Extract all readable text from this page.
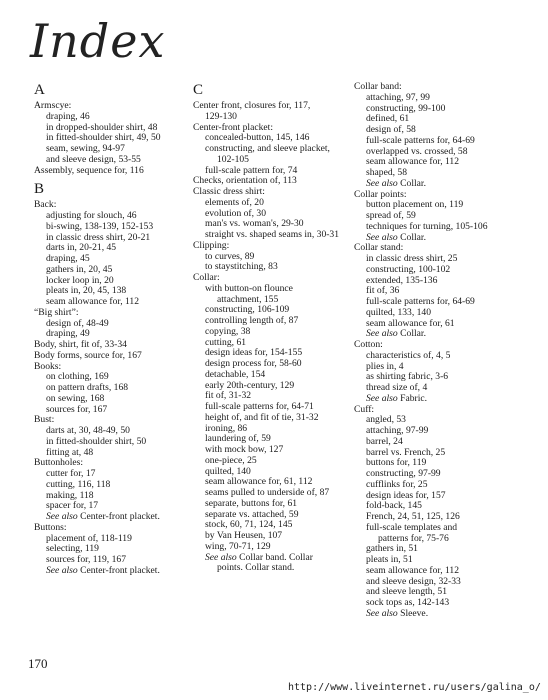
Index
A
Armscye:
draping, 46
in dropped-shoulder shirt, 48
in fitted-shoulder shirt, 49, 50
seam, sewing, 94-97
and sleeve design, 53-55
Assembly, sequence for, 116
B
Back:
adjusting for slouch, 46
bi-swing, 138-139, 152-153
in classic dress shirt, 20-21
darts in, 20-21, 45
draping, 45
gathers in, 20, 45
locker loop in, 20
pleats in, 20, 45, 138
seam allowance for, 112
“Big shirt”:
design of, 48-49
draping, 49
Body, shirt, fit of, 33-34
Body forms, source for, 167
Books:
on clothing, 169
on pattern drafts, 168
on sewing, 168
sources for, 167
Bust:
darts at, 30, 48-49, 50
in fitted-shoulder shirt, 50
fitting at, 48
Buttonholes:
cutter for, 17
cutting, 116, 118
making, 118
spacer for, 17
See also Center-front placket.
Buttons:
placement of, 118-119
selecting, 119
sources for, 119, 167
See also Center-front placket.
C
Center front, closures for, 117,
129-130
Center-front placket:
concealed-button, 145, 146
constructing, and sleeve placket,
102-105
full-scale pattern for, 74
Checks, orientation of, 113
Classic dress shirt:
elements of, 20
evolution of, 30
man's vs. woman's, 29-30
straight vs. shaped seams in, 30-31
Clipping:
to curves, 89
to staystitching, 83
Collar:
with button-on flounce
attachment, 155
constructing, 106-109
controlling length of, 87
copying, 38
cutting, 61
design ideas for, 154-155
design process for, 58-60
detachable, 154
early 20th-century, 129
fit of, 31-32
full-scale patterns for, 64-71
height of, and fit of tie, 31-32
ironing, 86
laundering of, 59
with mock bow, 127
one-piece, 25
quilted, 140
seam allowance for, 61, 112
seams pulled to underside of, 87
separate, buttons for, 61
separate vs. attached, 59
stock, 60, 71, 124, 145
by Van Heusen, 107
wing, 70-71, 129
See also Collar band. Collar
points. Collar stand.
Collar band:
attaching, 97, 99
constructing, 99-100
defined, 61
design of, 58
full-scale patterns for, 64-69
overlapped vs. crossed, 58
seam allowance for, 112
shaped, 58
See also Collar.
Collar points:
button placement on, 119
spread of, 59
techniques for turning, 105-106
See also Collar.
Collar stand:
in classic dress shirt, 25
constructing, 100-102
extended, 135-136
fit of, 36
full-scale patterns for, 64-69
quilted, 133, 140
seam allowance for, 61
See also Collar.
Cotton:
characteristics of, 4, 5
plies in, 4
as shirting fabric, 3-6
thread size of, 4
See also Fabric.
Cuff:
angled, 53
attaching, 97-99
barrel, 24
barrel vs. French, 25
buttons for, 119
constructing, 97-99
cufflinks for, 25
design ideas for, 157
fold-back, 145
French, 24, 51, 125, 126
full-scale templates and
patterns for, 75-76
gathers in, 51
pleats in, 51
seam allowance for, 112
and sleeve design, 32-33
and sleeve length, 51
sock tops as, 142-143
See also Sleeve.
170
http://www.liveinternet.ru/users/galina_o/
